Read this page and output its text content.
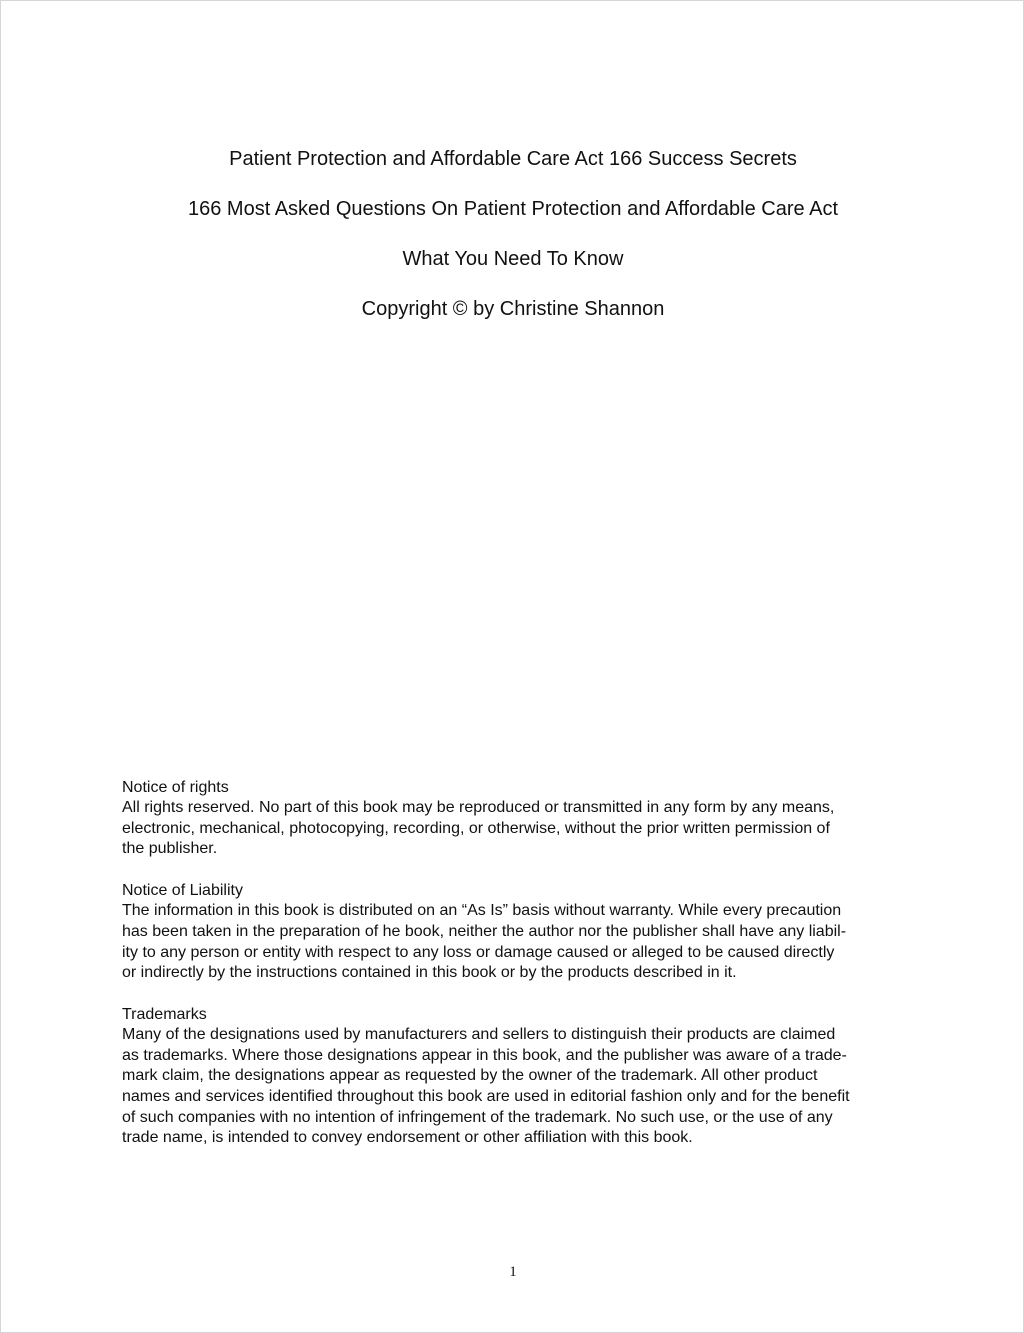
Patient Protection and Affordable Care Act 166 Success Secrets

166 Most Asked Questions On Patient Protection and Affordable Care Act

What You Need To Know

Copyright © by Christine Shannon

Notice of rights

All rights reserved. No part of this book may be reproduced or transmitted in any form by any means,

electronic, mechanical, photocopying, recording, or otherwise, without the prior written permission of

the publisher.

Notice of Liability

The information in this book is distributed on an “As Is” basis without warranty. While every precaution

has been taken in the preparation of he book, neither the author nor the publisher shall have any liabil-

ity to any person or entity with respect to any loss or damage caused or alleged to be caused directly

or indirectly by the instructions contained in this book or by the products described in it.

Trademarks

Many of the designations used by manufacturers and sellers to distinguish their products are claimed

as trademarks. Where those designations appear in this book, and the publisher was aware of a trade-

mark claim, the designations appear as requested by the owner of the trademark. All other product

names and services identified throughout this book are used in editorial fashion only and for the benefit

of such companies with no intention of infringement of the trademark. No such use, or the use of any

trade name, is intended to convey endorsement or other affiliation with this book.

1
